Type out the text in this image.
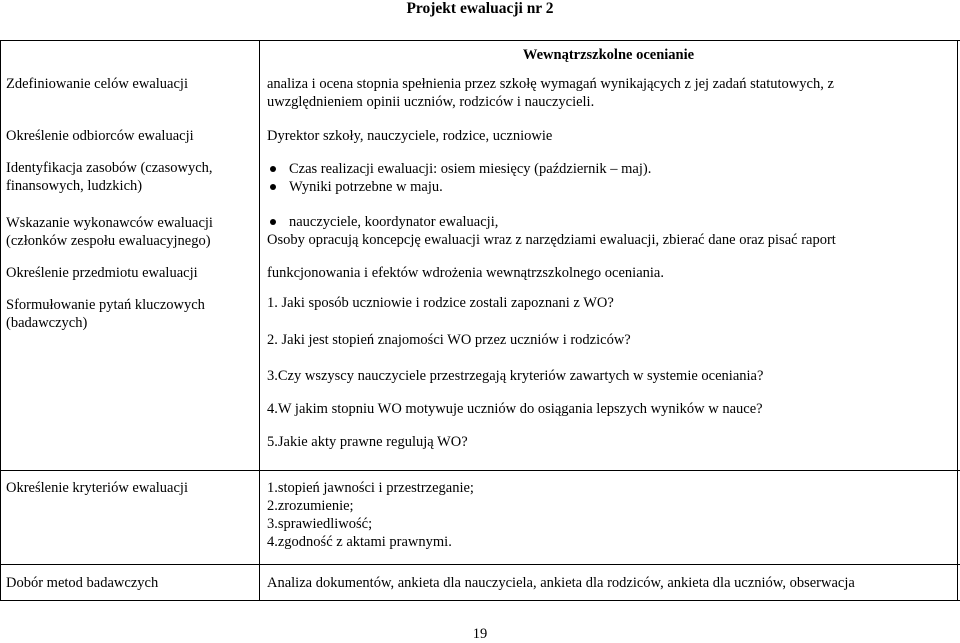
Projekt ewaluacji nr 2
Zdefiniowanie celów ewaluacji
Określenie odbiorców ewaluacji
Identyfikacja zasobów (czasowych,
finansowych, ludzkich)
Wskazanie wykonawców ewaluacji
(członków zespołu ewaluacyjnego)
Określenie przedmiotu ewaluacji
Sformułowanie pytań kluczowych
(badawczych)
Określenie kryteriów ewaluacji
Dobór metod badawczych
Wewnątrzszkolne ocenianie
analiza i ocena stopnia spełnienia przez szkołę wymagań wynikających z jej zadań statutowych, z
uwzględnieniem opinii uczniów, rodziców i nauczycieli.
Dyrektor szkoły, nauczyciele, rodzice, uczniowie
Czas realizacji ewaluacji: osiem miesięcy (październik – maj).
Wyniki potrzebne w maju.
nauczyciele, koordynator ewaluacji,
Osoby opracują koncepcję ewaluacji wraz z narzędziami ewaluacji, zbierać dane oraz pisać raport
funkcjonowania i efektów wdrożenia wewnątrzszkolnego oceniania.
1. Jaki sposób uczniowie i rodzice zostali zapoznani z WO?
2. Jaki jest stopień znajomości WO przez uczniów i rodziców?
3.Czy wszyscy nauczyciele przestrzegają kryteriów zawartych w systemie oceniania?
4.W jakim stopniu WO motywuje uczniów do osiągania lepszych wyników w nauce?
5.Jakie akty prawne regulują WO?
1.stopień jawności i przestrzeganie;
2.zrozumienie;
3.sprawiedliwość;
4.zgodność z aktami prawnymi.
Analiza dokumentów, ankieta dla nauczyciela, ankieta dla rodziców, ankieta dla uczniów, obserwacja
19
